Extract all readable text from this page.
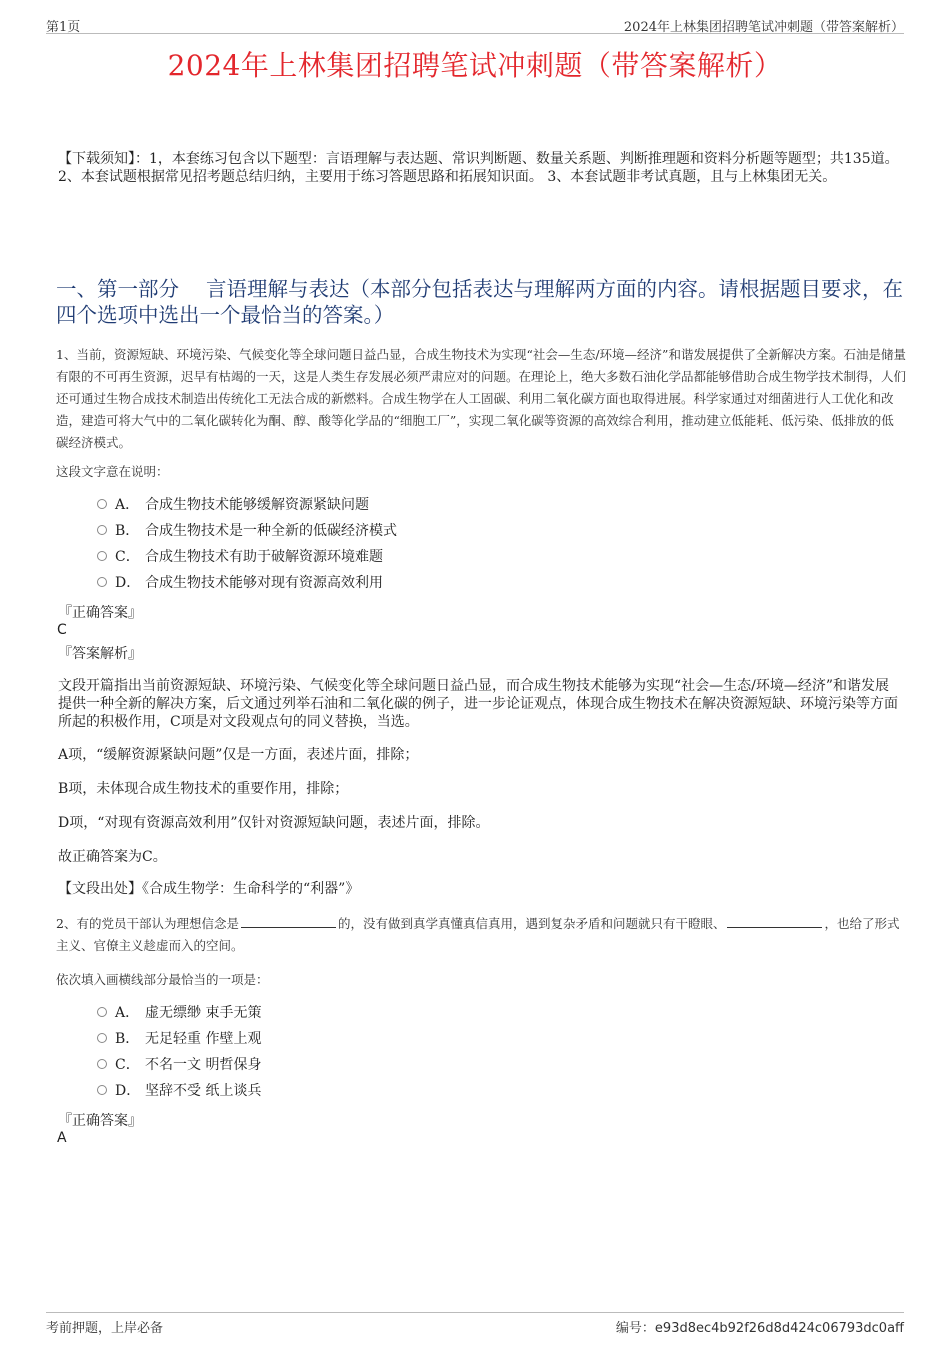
第1页	2024年上林集团招聘笔试冲刺题（带答案解析）
2024年上林集团招聘笔试冲刺题（带答案解析）
【下载须知】：1，本套练习包含以下题型：言语理解与表达题、常识判断题、数量关系题、判断推理题和资料分析题等题型；共135道。 2、本套试题根据常见招考题总结归纳，主要用于练习答题思路和拓展知识面。 3、本套试题非考试真题，且与上林集团无关。
一、第一部分　 言语理解与表达（本部分包括表达与理解两方面的内容。请根据题目要求，在四个选项中选出一个最恰当的答案。）
1、当前，资源短缺、环境污染、气候变化等全球问题日益凸显，合成生物技术为实现“社会—生态/环境—经济”和谐发展提供了全新解决方案。石油是储量有限的不可再生资源，迟早有枯竭的一天，这是人类生存发展必须严肃应对的问题。在理论上，绝大多数石油化学品都能够借助合成生物学技术制得，人们还可通过生物合成技术制造出传统化工无法合成的新燃料。合成生物学在人工固碳、利用二氧化碳方面也取得进展。科学家通过对细菌进行人工优化和改造，建造可将大气中的二氧化碳转化为酮、醇、酸等化学品的“细胞工厂”，实现二氧化碳等资源的高效综合利用，推动建立低能耗、低污染、低排放的低碳经济模式。
这段文字意在说明：
A． 合成生物技术能够缓解资源紧缺问题
B． 合成生物技术是一种全新的低碳经济模式
C． 合成生物技术有助于破解资源环境难题
D． 合成生物技术能够对现有资源高效利用
『正确答案』
C
『答案解析』
文段开篇指出当前资源短缺、环境污染、气候变化等全球问题日益凸显，而合成生物技术能够为实现“社会—生态/环境—经济”和谐发展提供一种全新的解决方案，后文通过列举石油和二氧化碳的例子，进一步论证观点，体现合成生物技术在解决资源短缺、环境污染等方面所起的积极作用，C项是对文段观点句的同义替换，当选。
A项，“缓解资源紧缺问题”仅是一方面，表述片面，排除；
B项，未体现合成生物技术的重要作用，排除；
D项，“对现有资源高效利用”仅针对资源短缺问题，表述片面，排除。
故正确答案为C。
【文段出处】《合成生物学：生命科学的“利器”》
2、有的党员干部认为理想信念是	的，没有做到真学真懂真信真用，遇到复杂矛盾和问题就只有干瞪眼、	，也给了形式主义、官僚主义趁虚而入的空间。
依次填入画横线部分最恰当的一项是：
A． 虚无缥缈 束手无策
B． 无足轻重 作壁上观
C． 不名一文 明哲保身
D． 坚辞不受 纸上谈兵
『正确答案』
A
考前押题，上岸必备	编号：e93d8ec4b92f26d8d424c06793dc0aff
